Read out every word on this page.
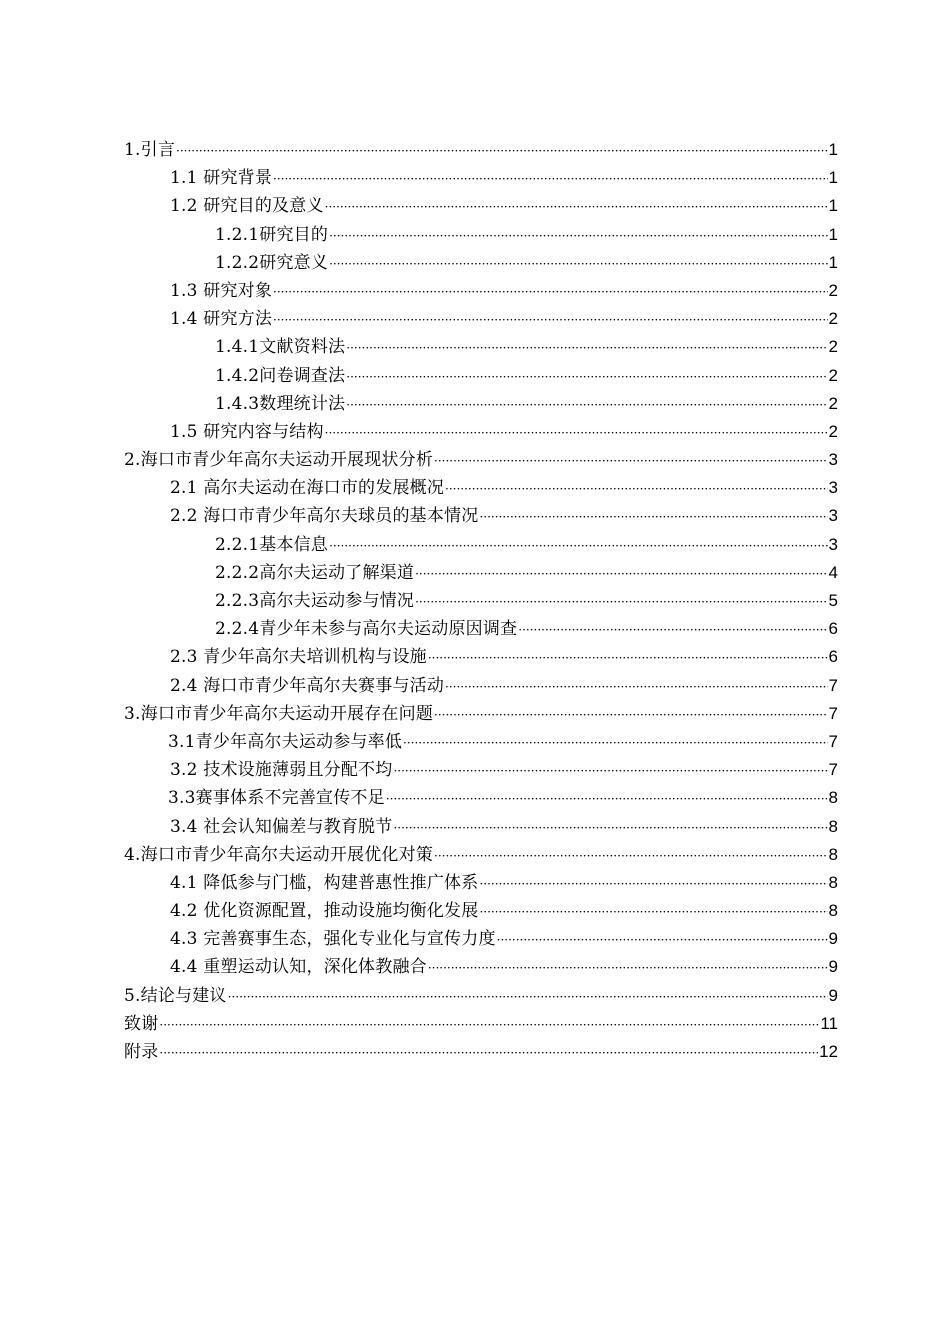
1.引言 ·····	1
1.1 研究背景 ·····	1
1.2 研究目的及意义 ·····	1
1.2.1研究目的 ·····	1
1.2.2研究意义 ·····	1
1.3 研究对象 ·····	2
1.4 研究方法 ·····	2
1.4.1文献资料法 ·····	2
1.4.2问卷调查法 ·····	2
1.4.3数理统计法 ·····	2
1.5 研究内容与结构 ·····	2
2.海口市青少年高尔夫运动开展现状分析 ·····	3
2.1 高尔夫运动在海口市的发展概况 ·····	3
2.2 海口市青少年高尔夫球员的基本情况 ·····	3
2.2.1基本信息 ·····	3
2.2.2高尔夫运动了解渠道 ·····	4
2.2.3高尔夫运动参与情况 ·····	5
2.2.4青少年未参与高尔夫运动原因调查 ·····	6
2.3 青少年高尔夫培训机构与设施 ·····	6
2.4 海口市青少年高尔夫赛事与活动 ·····	7
3.海口市青少年高尔夫运动开展存在问题 ·····	7
3.1青少年高尔夫运动参与率低 ·····	7
3.2 技术设施薄弱且分配不均 ·····	7
3.3赛事体系不完善宣传不足 ·····	8
3.4 社会认知偏差与教育脱节 ·····	8
4.海口市青少年高尔夫运动开展优化对策 ·····	8
4.1 降低参与门槛，构建普惠性推广体系 ·····	8
4.2 优化资源配置，推动设施均衡化发展 ·····	8
4.3 完善赛事生态，强化专业化与宣传力度 ·····	9
4.4 重塑运动认知，深化体教融合 ·····	9
5.结论与建议 ·····	9
致谢 ·····	11
附录 ·····	12
